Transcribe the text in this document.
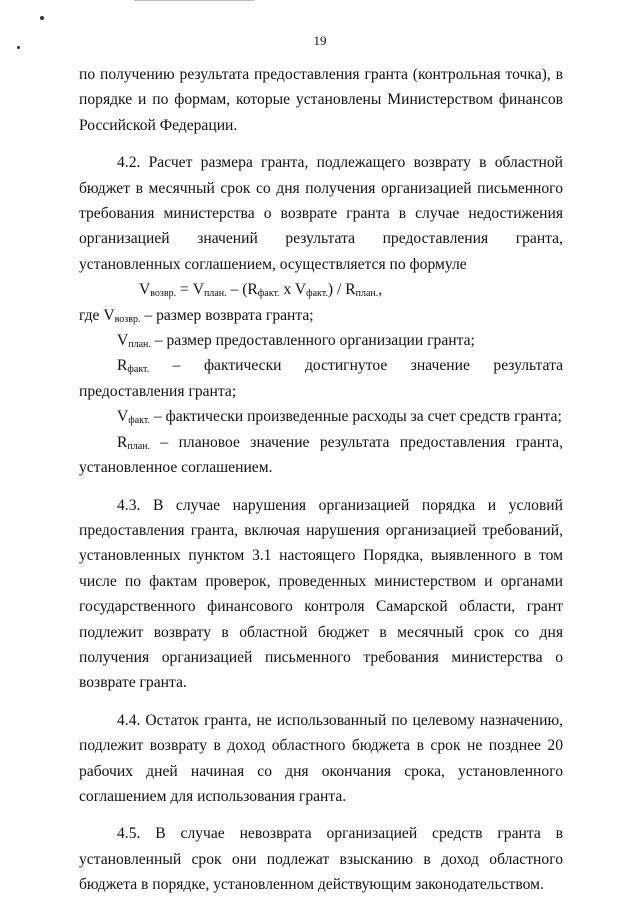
19

по получению результата предоставления гранта (контрольная точка), в порядке и по формам, которые установлены Министерством финансов Российской Федерации.

4.2. Расчет размера гранта, подлежащего возврату в областной бюджет в месячный срок со дня получения организацией письменного требования министерства о возврате гранта в случае недостижения организацией значений результата предоставления гранта, установленных соглашением, осуществляется по формуле

$V_{возвр.} = V_{план.} - (R_{факт.}$ x $V_{факт.}) / R_{план.}$,

где $V_{возвр.}$ – размер возврата гранта;

$V_{план.}$ – размер предоставленного организации гранта;

$R_{факт.}$ – фактически достигнутое значение результата предоставления гранта;

$V_{факт.}$ – фактически произведенные расходы за счет средств гранта;

$R_{план.}$ – плановое значение результата предоставления гранта, установленное соглашением.

4.3. В случае нарушения организацией порядка и условий предоставления гранта, включая нарушения организацией требований, установленных пунктом 3.1 настоящего Порядка, выявленного в том числе по фактам проверок, проведенных министерством и органами государственного финансового контроля Самарской области, грант подлежит возврату в областной бюджет в месячный срок со дня получения организацией письменного требования министерства о возврате гранта.

4.4. Остаток гранта, не использованный по целевому назначению, подлежит возврату в доход областного бюджета в срок не позднее 20 рабочих дней начиная со дня окончания срока, установленного соглашением для использования гранта.

4.5. В случае невозврата организацией средств гранта в установленный срок они подлежат взысканию в доход областного бюджета в порядке, установленном действующим законодательством.
